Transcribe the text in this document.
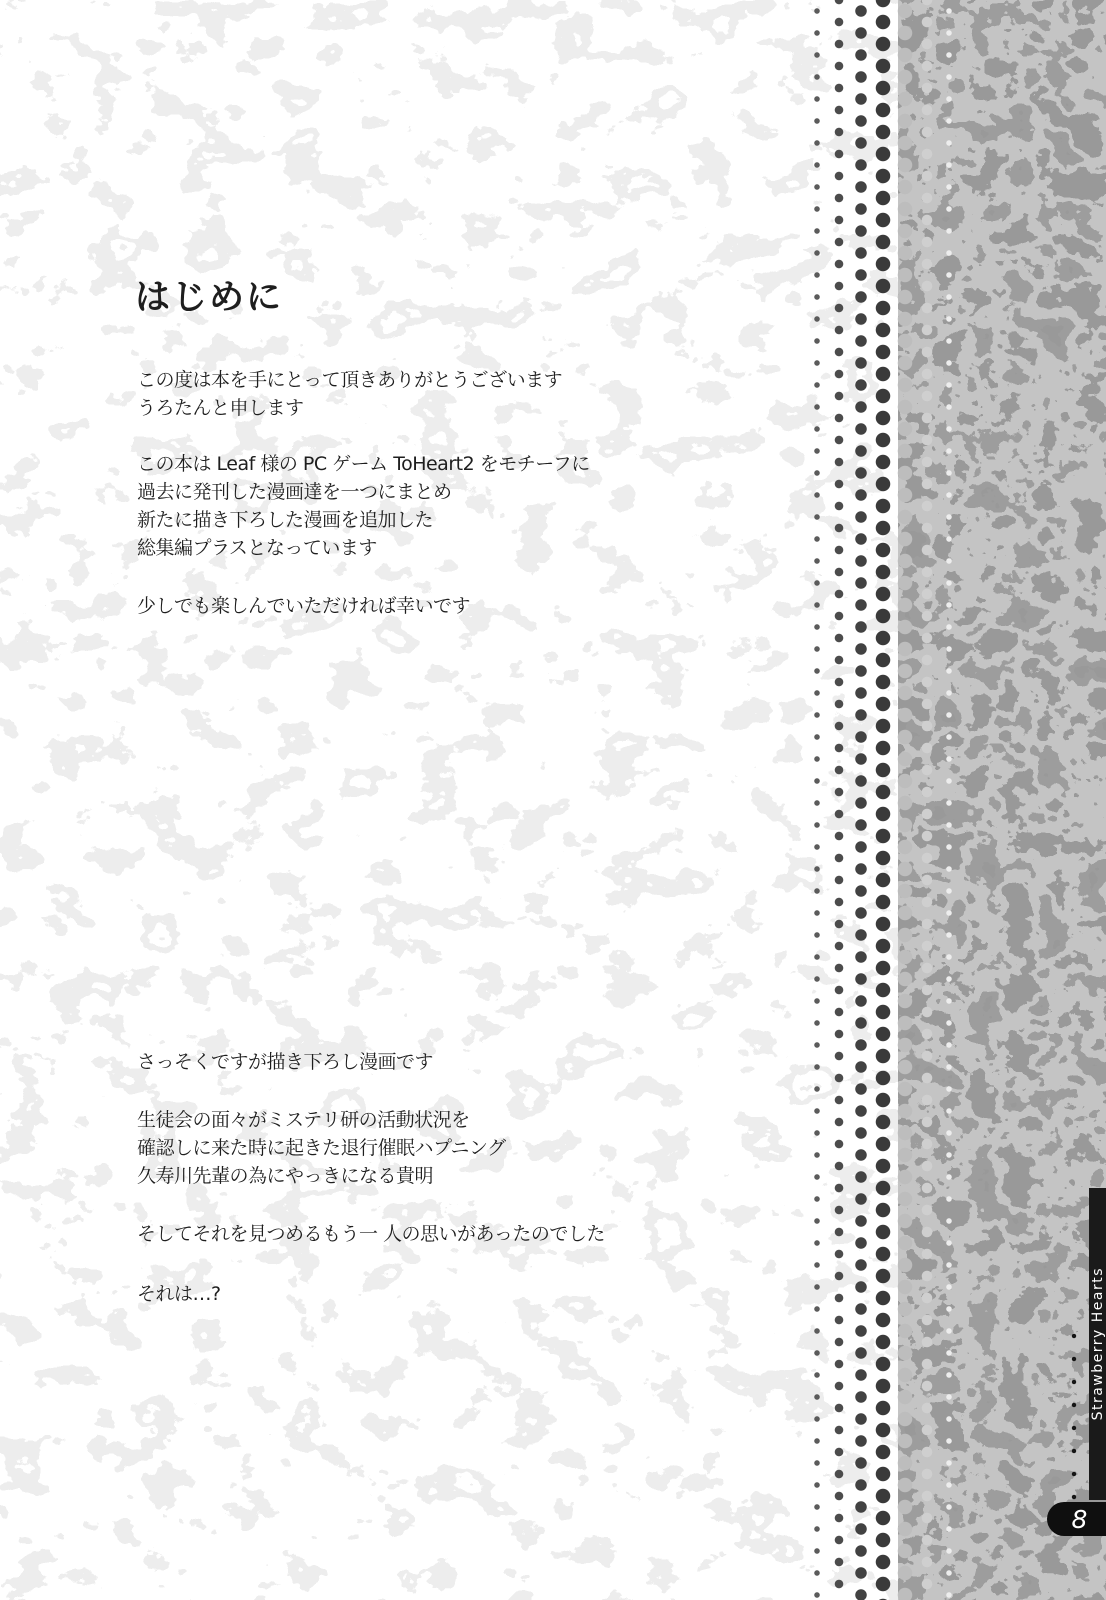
はじめに

この度は本を手にとって頂きありがとうございます
うろたんと申します

この本は Leaf 様の PC ゲーム ToHeart2 をモチーフに
過去に発刊した漫画達を一つにまとめ
新たに描き下ろした漫画を追加した
総集編プラスとなっています

少しでも楽しんでいただければ幸いです

さっそくですが描き下ろし漫画です

生徒会の面々がミステリ研の活動状況を
確認しに来た時に起きた退行催眠ハプニング
久寿川先輩の為にやっきになる貴明

そしてそれを見つめるもう一 人の思いがあったのでした

それは…?	Strawberry Hearts
8
